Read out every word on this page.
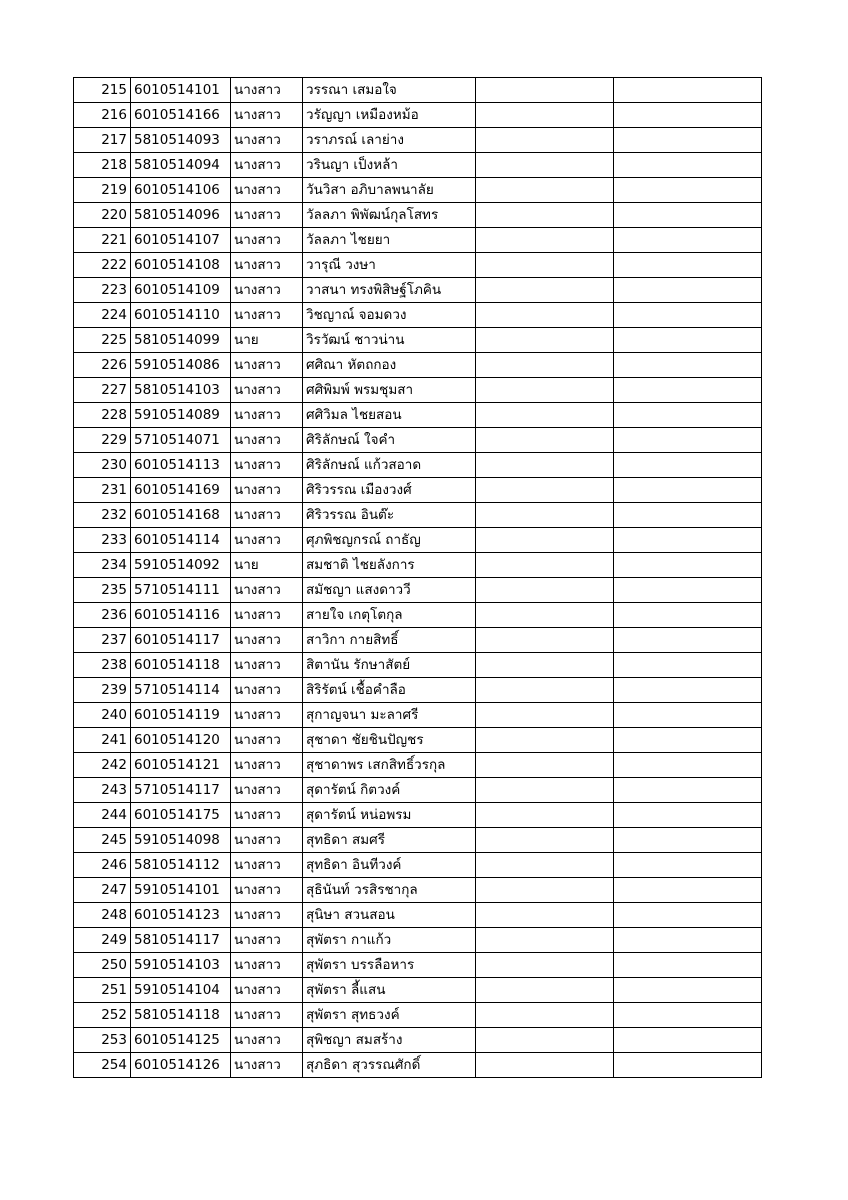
215	6010514101	นางสาว	วรรณา เสมอใจ		
216	6010514166	นางสาว	วรัญญา เหมืองหม้อ		
217	5810514093	นางสาว	วราภรณ์ เลาย่าง		
218	5810514094	นางสาว	วรินญา เป็งหล้า		
219	6010514106	นางสาว	วันวิสา อภิบาลพนาลัย		
220	5810514096	นางสาว	วัลลภา พิพัฒน์กุลโสทร		
221	6010514107	นางสาว	วัลลภา ไชยยา		
222	6010514108	นางสาว	วารุณี วงษา		
223	6010514109	นางสาว	วาสนา ทรงพิสิษฐ์โภคิน		
224	6010514110	นางสาว	วิชญาณ์ จอมดวง		
225	5810514099	นาย	วิรวัฒน์ ชาวน่าน		
226	5910514086	นางสาว	ศศิณา หัตถกอง		
227	5810514103	นางสาว	ศศิพิมพ์ พรมชุมสา		
228	5910514089	นางสาว	ศศิวิมล ไชยสอน		
229	5710514071	นางสาว	ศิริลักษณ์ ใจคำ		
230	6010514113	นางสาว	ศิริลักษณ์ แก้วสอาด		
231	6010514169	นางสาว	ศิริวรรณ เมืองวงศ์		
232	6010514168	นางสาว	ศิริวรรณ อินต๊ะ		
233	6010514114	นางสาว	ศุภพิชญกรณ์ ถาธัญ		
234	5910514092	นาย	สมชาติ ไชยลังการ		
235	5710514111	นางสาว	สมัชญา แสงดาววี		
236	6010514116	นางสาว	สายใจ เกตุโตกุล		
237	6010514117	นางสาว	สาวิกา กายสิทธิ์		
238	6010514118	นางสาว	สิตานัน รักษาสัตย์		
239	5710514114	นางสาว	สิริรัตน์ เชื้อคำลือ		
240	6010514119	นางสาว	สุกาญจนา มะลาศรี		
241	6010514120	นางสาว	สุชาดา ชัยชินปัญชร		
242	6010514121	นางสาว	สุชาดาพร เสกสิทธิ์วรกุล		
243	5710514117	นางสาว	สุดารัตน์ กิตวงค์		
244	6010514175	นางสาว	สุดารัตน์ หน่อพรม		
245	5910514098	นางสาว	สุทธิดา สมศรี		
246	5810514112	นางสาว	สุทธิดา อินทีวงค์		
247	5910514101	นางสาว	สุธินันท์ วรสิรชากุล		
248	6010514123	นางสาว	สุนิษา สวนสอน		
249	5810514117	นางสาว	สุพัตรา กาแก้ว		
250	5910514103	นางสาว	สุพัตรา บรรลือหาร		
251	5910514104	นางสาว	สุพัตรา ลี้แสน		
252	5810514118	นางสาว	สุพัตรา สุทธวงค์		
253	6010514125	นางสาว	สุพิชญา สมสร้าง		
254	6010514126	นางสาว	สุภธิดา สุวรรณศักดิ์		
